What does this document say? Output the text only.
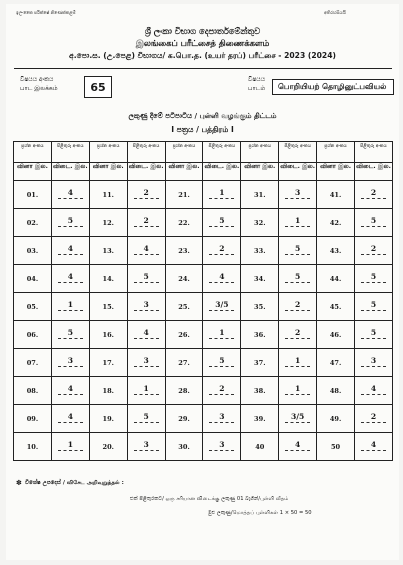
ඉලංකෛ පරීක්ෂේ නිණෙක්කළම්	අතිරහසියයි
ශ්‍රී ලංකා විභාග දෙපාර්තමේන්තුව
இலங்கைப் பரீட்சைத் திணைக்களம்
අ.පො.ස. (උ.පෙළ) විභාගය/ க.பொ.த. (உயர் தரப்) பரீட்சை - 2023 (2024)
විෂයය අංකය
பாட இலக்கம்	65
විෂයය
பாடம்	பொறியியற் தொழினுட்பவியல்
ලකුණු දීමේ පටිපාටිය / புள்ளி வழங்கும் திட்டம்
I පත්‍රය / பத்திரம் I
ප්‍රශ්න අංකය	පිළිතුරු අංකය	ප්‍රශ්න අංකය	පිළිතුරු අංකය	ප්‍රශ්න අංකය	පිළිතුරු අංකය	ප්‍රශ්න අංකය	පිළිතුරු අංකය	ප්‍රශ්න අංකය	පිළිතුරු අංකය
வினா இல.	விடை. இல.	வினா இல.	விடை. இல.	வினா இல.	விடை. இல.	வினா இல.	விடை. இல.	வினா இல.	விடை. இல.
01.	4	11.	2	21.	1	31.	3	41.	2

02.	5	12.	2	22.	5	32.	1	42.	5

03.	4	13.	4	23.	2	33.	5	43.	2

04.	4	14.	5	24.	4	34.	5	44.	5

05.	1	15.	3	25.	3/5	35.	2	45.	5

06.	5	16.	4	26.	1	36.	2	46.	5

07.	3	17.	3	27.	5	37.	1	47.	3

08.	4	18.	1	28.	2	38.	1	48.	4

09.	4	19.	5	29.	3	39.	3/5	49.	2

10.	1	20.	3	30.	3	40	4	50	4
✽ විශේෂ උපදෙස් / விசேட அறிவுறுத்தல் :
එක් පිළිතුරකට/ ஒரு சரியான விடைக்கு ලකුණු 01 බැගින්/புள்ளி வீதம்
මුළු ලකුණු/மொத்தப் புள்ளிகள் 1 × 50 = 50
